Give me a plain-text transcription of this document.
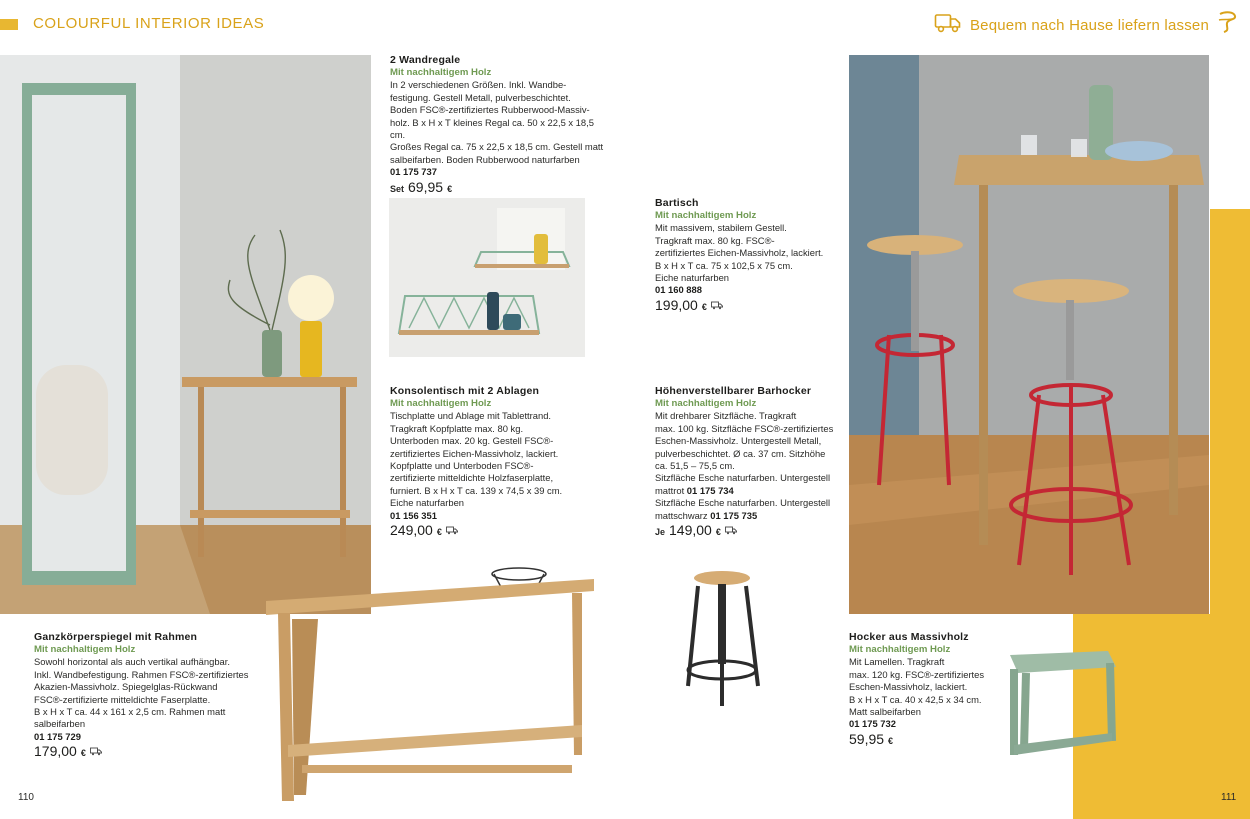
COLOURFUL INTERIOR IDEAS	Bequem nach Hause liefern lassen
2 Wandregale
Mit nachhaltigem Holz
In 2 verschiedenen Größen. Inkl. Wandbe-
festigung. Gestell Metall, pulverbeschichtet.
Boden FSC®-zertifiziertes Rubberwood-Massiv-
holz. B x H x T kleines Regal ca. 50 x 22,5 x 18,5 cm.
Großes Regal ca. 75 x 22,5 x 18,5 cm. Gestell matt
salbeifarben. Boden Rubberwood naturfarben
01 175 737
Set 69,95 €
Bartisch
Mit nachhaltigem Holz
Mit massivem, stabilem Gestell.
Tragkraft max. 80 kg. FSC®-
zertifiziertes Eichen-Massivholz, lackiert.
B x H x T ca. 75 x 102,5 x 75 cm.
Eiche naturfarben
01 160 888
199,00 €
Konsolentisch mit 2 Ablagen
Mit nachhaltigem Holz
Tischplatte und Ablage mit Tablettrand.
Tragkraft Kopfplatte max. 80 kg.
Unterboden max. 20 kg. Gestell FSC®-
zertifiziertes Eichen-Massivholz, lackiert.
Kopfplatte und Unterboden FSC®-
zertifizierte mitteldichte Holzfaserplatte,
furniert. B x H x T ca. 139 x 74,5 x 39 cm.
Eiche naturfarben
01 156 351
249,00 €
Höhenverstellbarer Barhocker
Mit nachhaltigem Holz
Mit drehbarer Sitzfläche. Tragkraft
max. 100 kg. Sitzfläche FSC®-zertifiziertes
Eschen-Massivholz. Untergestell Metall,
pulverbeschichtet. Ø ca. 37 cm. Sitzhöhe
ca. 51,5 – 75,5 cm.
Sitzfläche Esche naturfarben. Untergestell
mattrot 01 175 734
Sitzfläche Esche naturfarben. Untergestell
mattschwarz 01 175 735
Je 149,00 €
Ganzkörperspiegel mit Rahmen
Mit nachhaltigem Holz
Sowohl horizontal als auch vertikal aufhängbar.
Inkl. Wandbefestigung. Rahmen FSC®-zertifiziertes
Akazien-Massivholz. Spiegelglas-Rückwand
FSC®-zertifizierte mitteldichte Faserplatte.
B x H x T ca. 44 x 161 x 2,5 cm. Rahmen matt
salbeifarben
01 175 729
179,00 €
Hocker aus Massivholz
Mit nachhaltigem Holz
Mit Lamellen. Tragkraft
max. 120 kg. FSC®-zertifiziertes
Eschen-Massivholz, lackiert.
B x H x T ca. 40 x 42,5 x 34 cm.
Matt salbeifarben
01 175 732
59,95 €
110	111
